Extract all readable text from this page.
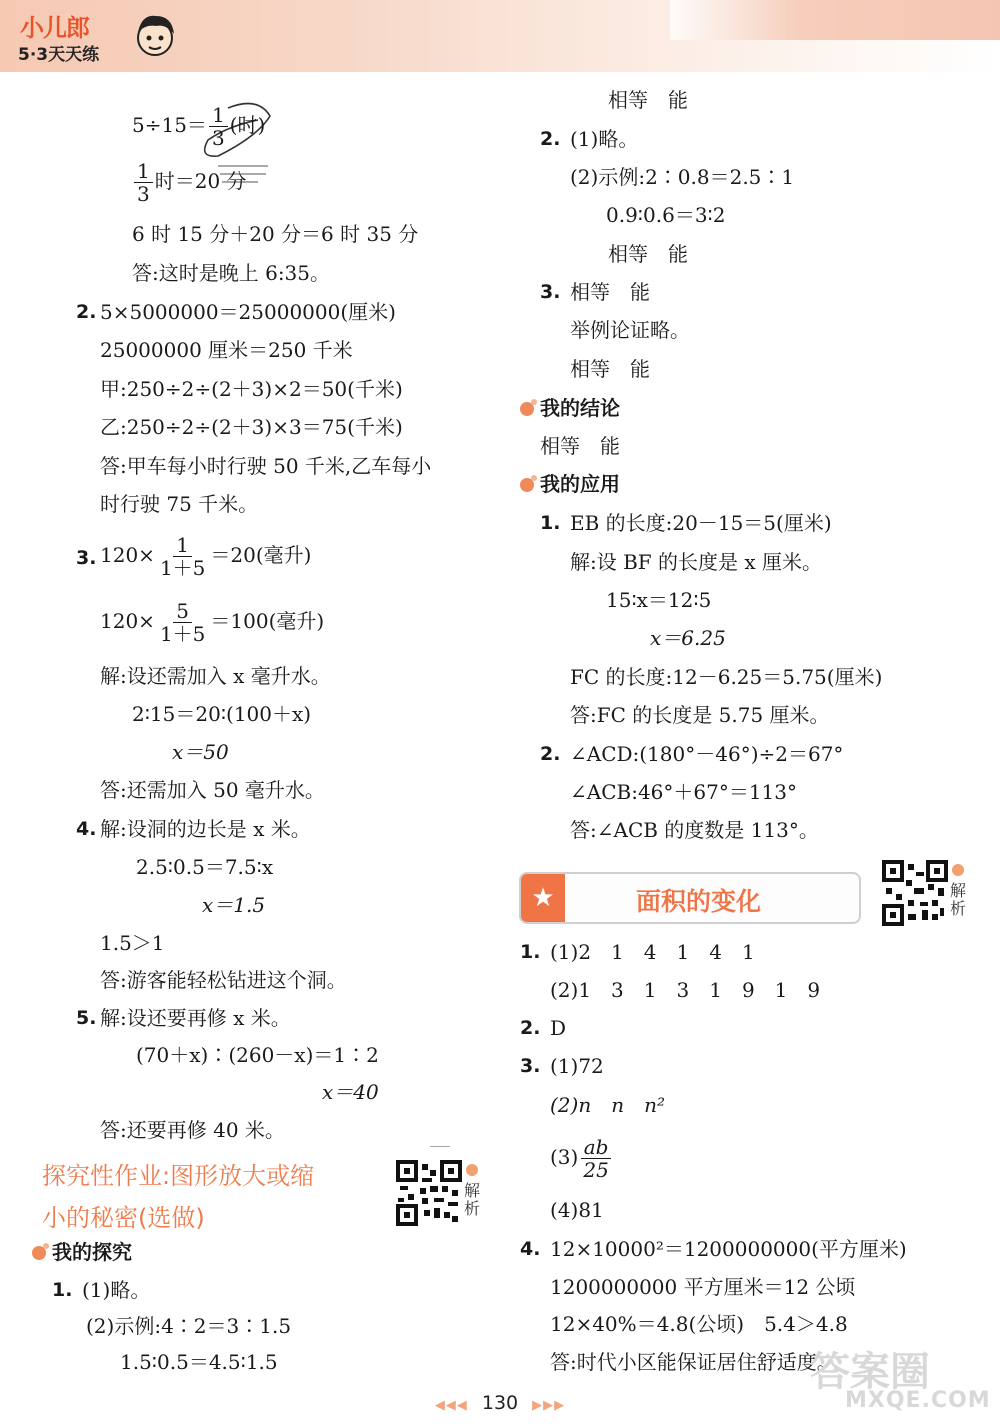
小儿郎
5·3天天练
$5\div 15= \frac{1}{3}$ (时)
$\frac{1}{3}$ 时＝20 分
6 时 15 分＋20 分＝6 时 35 分
答:这时是晚上 6:35。
2. 5×5000000＝25000000(厘米)
25000000 厘米＝250 千米
甲:250÷2÷(2＋3)×2＝50(千米)
乙:250÷2÷(2＋3)×3＝75(千米)
答:甲车每小时行驶 50 千米,乙车每小
时行驶 75 千米。
3. $120\times \frac{1}{1+5} =20$(毫升)
$120\times \frac{5}{1+5} =100$(毫升)
解:设还需加入 x 毫升水。
2∶15＝20∶(100＋x)
x＝50
答:还需加入 50 毫升水。
4. 解:设洞的边长是 x 米。
2.5∶0.5＝7.5∶x
x＝1.5
1.5＞1
答:游客能轻松钻进这个洞。
5. 解:设还要再修 x 米。
(70＋x)∶(260－x)＝1∶2
x＝40
答:还要再修 40 米。
探究性作业:图形放大或缩
小的秘密(选做)
解析
我的探究
1. (1)略。
(2)示例:4∶2＝3∶1.5
1.5∶0.5＝4.5∶1.5
相等　能
2. (1)略。
(2)示例:2∶0.8＝2.5∶1
0.9∶0.6＝3∶2
相等　能
3. 相等　能
举例论证略。
相等　能
我的结论
相等　能
我的应用
1. EB 的长度:20－15＝5(厘米)
解:设 BF 的长度是 x 厘米。
15∶x＝12∶5
x＝6.25
FC 的长度:12－6.25＝5.75(厘米)
答:FC 的长度是 5.75 厘米。
2. ∠ACD:(180°－46°)÷2＝67°
∠ACB:46°＋67°＝113°
答:∠ACB 的度数是 113°。
★	面积的变化	解析
1. (1)2　1　4　1　4　1
(2)1　3　1　3　1　9　1　9
2. D
3. (1)72
(2)n　n　n²
$(3) \frac{ab}{25}$
(4)81
4. 12×10000²＝1200000000(平方厘米)
1200000000 平方厘米＝12 公顷
12×40%＝4.8(公顷)　5.4＞4.8
答:时代小区能保证居住舒适度。
◀◀◀ 130 ▶▶▶
答案圈
MXQE.COM
